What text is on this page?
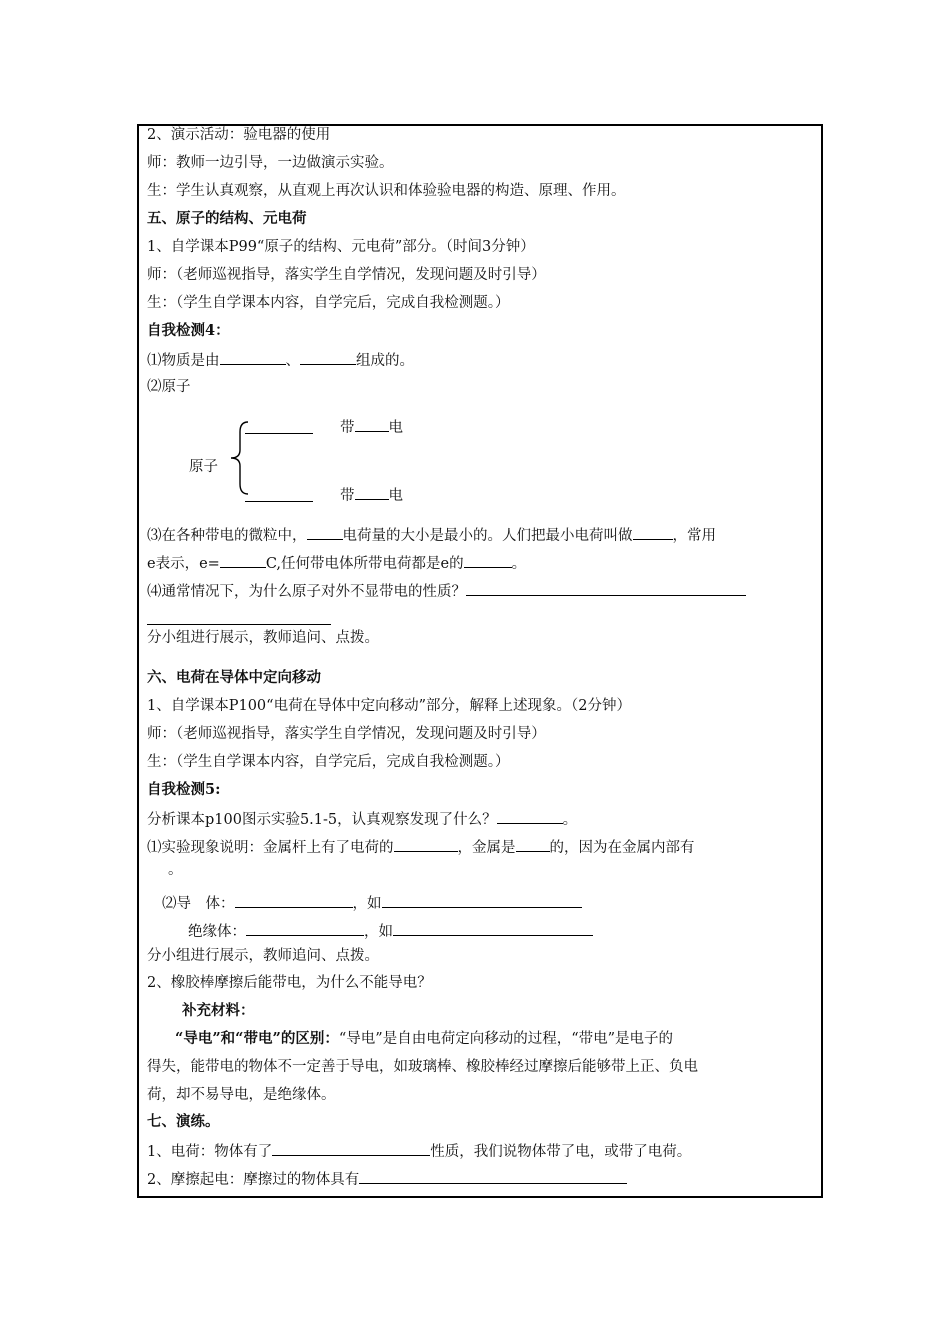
2、演示活动：验电器的使用
师：教师一边引导，一边做演示实验。
生：学生认真观察，从直观上再次认识和体验验电器的构造、原理、作用。
五、原子的结构、元电荷
1、自学课本P99“原子的结构、元电荷”部分。（时间3分钟）
师：（老师巡视指导，落实学生自学情况，发现问题及时引导）
生：（学生自学课本内容，自学完后，完成自我检测题。）
自我检测4：
⑴物质是由	、	组成的。
⑵原子
原子
带 电
带 电
⑶在各种带电的微粒中， 电荷量的大小是最小的。人们把最小电荷叫做	，常用
e表示，e=	C,任何带电体所带电荷都是e的	。
⑷通常情况下，为什么原子对外不显带电的性质？
分小组进行展示，教师追问、点拨。
六、电荷在导体中定向移动
1、自学课本P100“电荷在导体中定向移动”部分，解释上述现象。（2分钟）
师：（老师巡视指导，落实学生自学情况，发现问题及时引导）
生：（学生自学课本内容，自学完后，完成自我检测题。）
自我检测5:
分析课本p100图示实验5.1-5，认真观察发现了什么？	。
⑴实验现象说明：金属杆上有了电荷的	，金属是 的，因为在金属内部有
。
⑵导　体：	，如
绝缘体：	，如
分小组进行展示，教师追问、点拨。
2、橡胶棒摩擦后能带电，为什么不能导电？
补充材料：
“导电”和“带电”的区别：“导电”是自由电荷定向移动的过程，“带电”是电子的
得失，能带电的物体不一定善于导电，如玻璃棒、橡胶棒经过摩擦后能够带上正、负电
荷，却不易导电，是绝缘体。
七、演练。
1、电荷：物体有了	性质，我们说物体带了电，或带了电荷。
2、摩擦起电：摩擦过的物体具有
